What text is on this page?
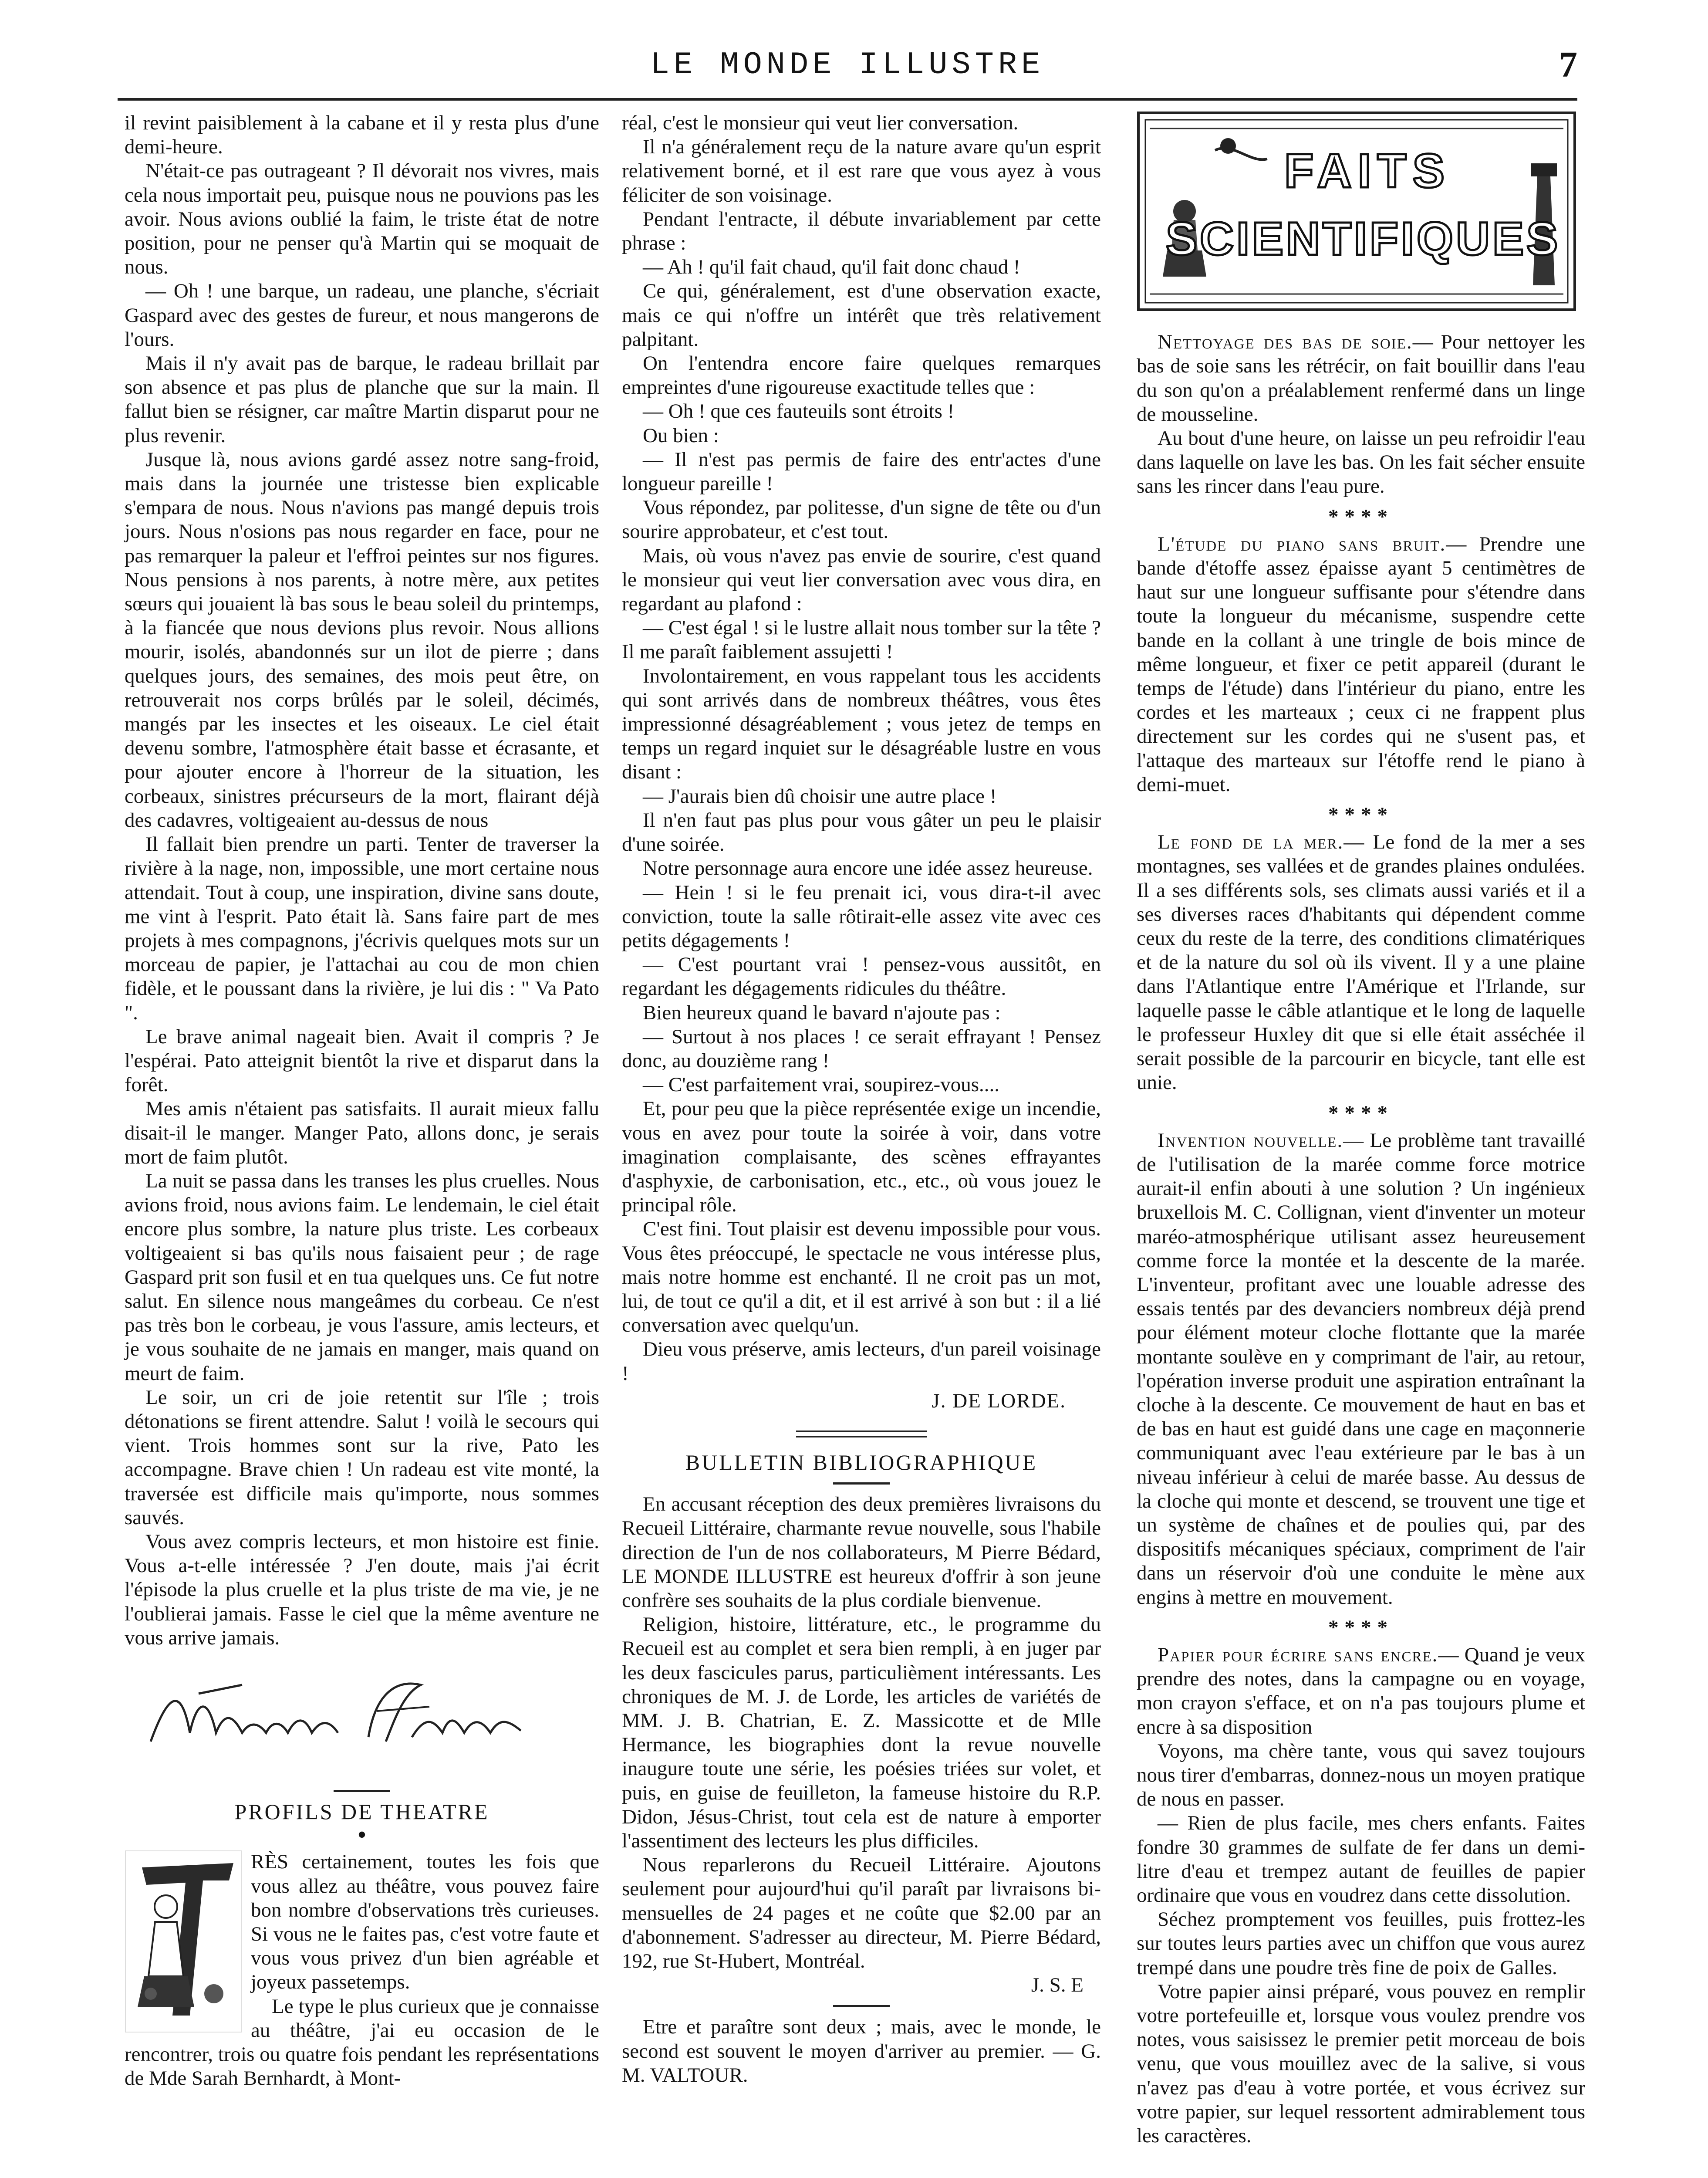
LE MONDE ILLUSTRE	7

il revint paisiblement à la cabane et il y resta plus d'une demi-heure.

N'était-ce pas outrageant ? Il dévorait nos vivres, mais cela nous importait peu, puisque nous ne pouvions pas les avoir. Nous avions oublié la faim, le triste état de notre position, pour ne penser qu'à Martin qui se moquait de nous.

— Oh ! une barque, un radeau, une planche, s'écriait Gaspard avec des gestes de fureur, et nous mangerons de l'ours.

Mais il n'y avait pas de barque, le radeau brillait par son absence et pas plus de planche que sur la main. Il fallut bien se résigner, car maître Martin disparut pour ne plus revenir.

Jusque là, nous avions gardé assez notre sang-froid, mais dans la journée une tristesse bien explicable s'empara de nous. Nous n'avions pas mangé depuis trois jours. Nous n'osions pas nous regarder en face, pour ne pas remarquer la paleur et l'effroi peintes sur nos figures. Nous pensions à nos parents, à notre mère, aux petites sœurs qui jouaient là bas sous le beau soleil du printemps, à la fiancée que nous devions plus revoir. Nous allions mourir, isolés, abandonnés sur un ilot de pierre ; dans quelques jours, des semaines, des mois peut être, on retrouverait nos corps brûlés par le soleil, décimés, mangés par les insectes et les oiseaux. Le ciel était devenu sombre, l'atmosphère était basse et écrasante, et pour ajouter encore à l'horreur de la situation, les corbeaux, sinistres précurseurs de la mort, flairant déjà des cadavres, voltigeaient au-dessus de nous

Il fallait bien prendre un parti. Tenter de traverser la rivière à la nage, non, impossible, une mort certaine nous attendait. Tout à coup, une inspiration, divine sans doute, me vint à l'esprit. Pato était là. Sans faire part de mes projets à mes compagnons, j'écrivis quelques mots sur un morceau de papier, je l'attachai au cou de mon chien fidèle, et le poussant dans la rivière, je lui dis : " Va Pato ".

Le brave animal nageait bien. Avait il compris ? Je l'espérai. Pato atteignit bientôt la rive et disparut dans la forêt.

Mes amis n'étaient pas satisfaits. Il aurait mieux fallu disait-il le manger. Manger Pato, allons donc, je serais mort de faim plutôt.

La nuit se passa dans les transes les plus cruelles. Nous avions froid, nous avions faim. Le lendemain, le ciel était encore plus sombre, la nature plus triste. Les corbeaux voltigeaient si bas qu'ils nous faisaient peur ; de rage Gaspard prit son fusil et en tua quelques uns. Ce fut notre salut. En silence nous mangeâmes du corbeau. Ce n'est pas très bon le corbeau, je vous l'assure, amis lecteurs, et je vous souhaite de ne jamais en manger, mais quand on meurt de faim.

Le soir, un cri de joie retentit sur l'île ; trois détonations se firent attendre. Salut ! voilà le secours qui vient. Trois hommes sont sur la rive, Pato les accompagne. Brave chien ! Un radeau est vite monté, la traversée est difficile mais qu'importe, nous sommes sauvés.

Vous avez compris lecteurs, et mon histoire est finie. Vous a-t-elle intéressée ? J'en doute, mais j'ai écrit l'épisode la plus cruelle et la plus triste de ma vie, je ne l'oublierai jamais. Fasse le ciel que la même aventure ne vous arrive jamais.

PROFILS DE THEATRE
•

RÈS certainement, toutes les fois que vous allez au théâtre, vous pouvez faire bon nombre d'observations très curieuses. Si vous ne le faites pas, c'est votre faute et vous vous privez d'un bien agréable et joyeux passetemps.

Le type le plus curieux que je connaisse au théâtre, j'ai eu occasion de le rencontrer, trois ou quatre fois pendant les représentations de Mde Sarah Bernhardt, à Mont-

réal, c'est le monsieur qui veut lier conversation.

Il n'a généralement reçu de la nature avare qu'un esprit relativement borné, et il est rare que vous ayez à vous féliciter de son voisinage.

Pendant l'entracte, il débute invariablement par cette phrase :

— Ah ! qu'il fait chaud, qu'il fait donc chaud !

Ce qui, généralement, est d'une observation exacte, mais ce qui n'offre un intérêt que très relativement palpitant.

On l'entendra encore faire quelques remarques empreintes d'une rigoureuse exactitude telles que :

— Oh ! que ces fauteuils sont étroits !

Ou bien :

— Il n'est pas permis de faire des entr'actes d'une longueur pareille !

Vous répondez, par politesse, d'un signe de tête ou d'un sourire approbateur, et c'est tout.

Mais, où vous n'avez pas envie de sourire, c'est quand le monsieur qui veut lier conversation avec vous dira, en regardant au plafond :

— C'est égal ! si le lustre allait nous tomber sur la tête ? Il me paraît faiblement assujetti !

Involontairement, en vous rappelant tous les accidents qui sont arrivés dans de nombreux théâtres, vous êtes impressionné désagréablement ; vous jetez de temps en temps un regard inquiet sur le désagréable lustre en vous disant :

— J'aurais bien dû choisir une autre place !

Il n'en faut pas plus pour vous gâter un peu le plaisir d'une soirée.

Notre personnage aura encore une idée assez heureuse.

— Hein ! si le feu prenait ici, vous dira-t-il avec conviction, toute la salle rôtirait-elle assez vite avec ces petits dégagements !

— C'est pourtant vrai ! pensez-vous aussitôt, en regardant les dégagements ridicules du théâtre.

Bien heureux quand le bavard n'ajoute pas :

— Surtout à nos places ! ce serait effrayant ! Pensez donc, au douzième rang !

— C'est parfaitement vrai, soupirez-vous....

Et, pour peu que la pièce représentée exige un incendie, vous en avez pour toute la soirée à voir, dans votre imagination complaisante, des scènes effrayantes d'asphyxie, de carbonisation, etc., etc., où vous jouez le principal rôle.

C'est fini. Tout plaisir est devenu impossible pour vous. Vous êtes préoccupé, le spectacle ne vous intéresse plus, mais notre homme est enchanté. Il ne croit pas un mot, lui, de tout ce qu'il a dit, et il est arrivé à son but : il a lié conversation avec quelqu'un.

Dieu vous préserve, amis lecteurs, d'un pareil voisinage !

J. DE LORDE.
BULLETIN BIBLIOGRAPHIQUE

En accusant réception des deux premières livraisons du Recueil Littéraire, charmante revue nouvelle, sous l'habile direction de l'un de nos collaborateurs, M Pierre Bédard, LE MONDE ILLUSTRE est heureux d'offrir à son jeune confrère ses souhaits de la plus cordiale bienvenue.

Religion, histoire, littérature, etc., le programme du Recueil est au complet et sera bien rempli, à en juger par les deux fascicules parus, particulièment intéressants. Les chroniques de M. J. de Lorde, les articles de variétés de MM. J. B. Chatrian, E. Z. Massicotte et de Mlle Hermance, les biographies dont la revue nouvelle inaugure toute une série, les poésies triées sur volet, et puis, en guise de feuilleton, la fameuse histoire du R.P. Didon, Jésus-Christ, tout cela est de nature à emporter l'assentiment des lecteurs les plus difficiles.

Nous reparlerons du Recueil Littéraire. Ajoutons seulement pour aujourd'hui qu'il paraît par livraisons bi-mensuelles de 24 pages et ne coûte que $2.00 par an d'abonnement. S'adresser au directeur, M. Pierre Bédard, 192, rue St-Hubert, Montréal.

J. S. E

Etre et paraître sont deux ; mais, avec le monde, le second est souvent le moyen d'arriver au premier. — G. M. VALTOUR.

FAITS
SCIENTIFIQUES

Nettoyage des bas de soie.— Pour nettoyer les bas de soie sans les rétrécir, on fait bouillir dans l'eau du son qu'on a préalablement renfermé dans un linge de mousseline.

Au bout d'une heure, on laisse un peu refroidir l'eau dans laquelle on lave les bas. On les fait sécher ensuite sans les rincer dans l'eau pure.

****

L'étude du piano sans bruit.— Prendre une bande d'étoffe assez épaisse ayant 5 centimètres de haut sur une longueur suffisante pour s'étendre dans toute la longueur du mécanisme, suspendre cette bande en la collant à une tringle de bois mince de même longueur, et fixer ce petit appareil (durant le temps de l'étude) dans l'intérieur du piano, entre les cordes et les marteaux ; ceux ci ne frappent plus directement sur les cordes qui ne s'usent pas, et l'attaque des marteaux sur l'étoffe rend le piano à demi-muet.

****

Le fond de la mer.— Le fond de la mer a ses montagnes, ses vallées et de grandes plaines ondulées. Il a ses différents sols, ses climats aussi variés et il a ses diverses races d'habitants qui dépendent comme ceux du reste de la terre, des conditions climatériques et de la nature du sol où ils vivent. Il y a une plaine dans l'Atlantique entre l'Amérique et l'Irlande, sur laquelle passe le câble atlantique et le long de laquelle le professeur Huxley dit que si elle était asséchée il serait possible de la parcourir en bicycle, tant elle est unie.

****

Invention nouvelle.— Le problème tant travaillé de l'utilisation de la marée comme force motrice aurait-il enfin abouti à une solution ? Un ingénieux bruxellois M. C. Collignan, vient d'inventer un moteur maréo-atmosphérique utilisant assez heureusement comme force la montée et la descente de la marée. L'inventeur, profitant avec une louable adresse des essais tentés par des devanciers nombreux déjà prend pour élément moteur cloche flottante que la marée montante soulève en y comprimant de l'air, au retour, l'opération inverse produit une aspiration entraînant la cloche à la descente. Ce mouvement de haut en bas et de bas en haut est guidé dans une cage en maçonnerie communiquant avec l'eau extérieure par le bas à un niveau inférieur à celui de marée basse. Au dessus de la cloche qui monte et descend, se trouvent une tige et un système de chaînes et de poulies qui, par des dispositifs mécaniques spéciaux, compriment de l'air dans un réservoir d'où une conduite le mène aux engins à mettre en mouvement.

****

Papier pour écrire sans encre.— Quand je veux prendre des notes, dans la campagne ou en voyage, mon crayon s'efface, et on n'a pas toujours plume et encre à sa disposition

Voyons, ma chère tante, vous qui savez toujours nous tirer d'embarras, donnez-nous un moyen pratique de nous en passer.

— Rien de plus facile, mes chers enfants. Faites fondre 30 grammes de sulfate de fer dans un demi-litre d'eau et trempez autant de feuilles de papier ordinaire que vous en voudrez dans cette dissolution.

Séchez promptement vos feuilles, puis frottez-les sur toutes leurs parties avec un chiffon que vous aurez trempé dans une poudre très fine de poix de Galles.

Votre papier ainsi préparé, vous pouvez en remplir votre portefeuille et, lorsque vous voulez prendre vos notes, vous saisissez le premier petit morceau de bois venu, que vous mouillez avec de la salive, si vous n'avez pas d'eau à votre portée, et vous écrivez sur votre papier, sur lequel ressortent admirablement tous les caractères.
